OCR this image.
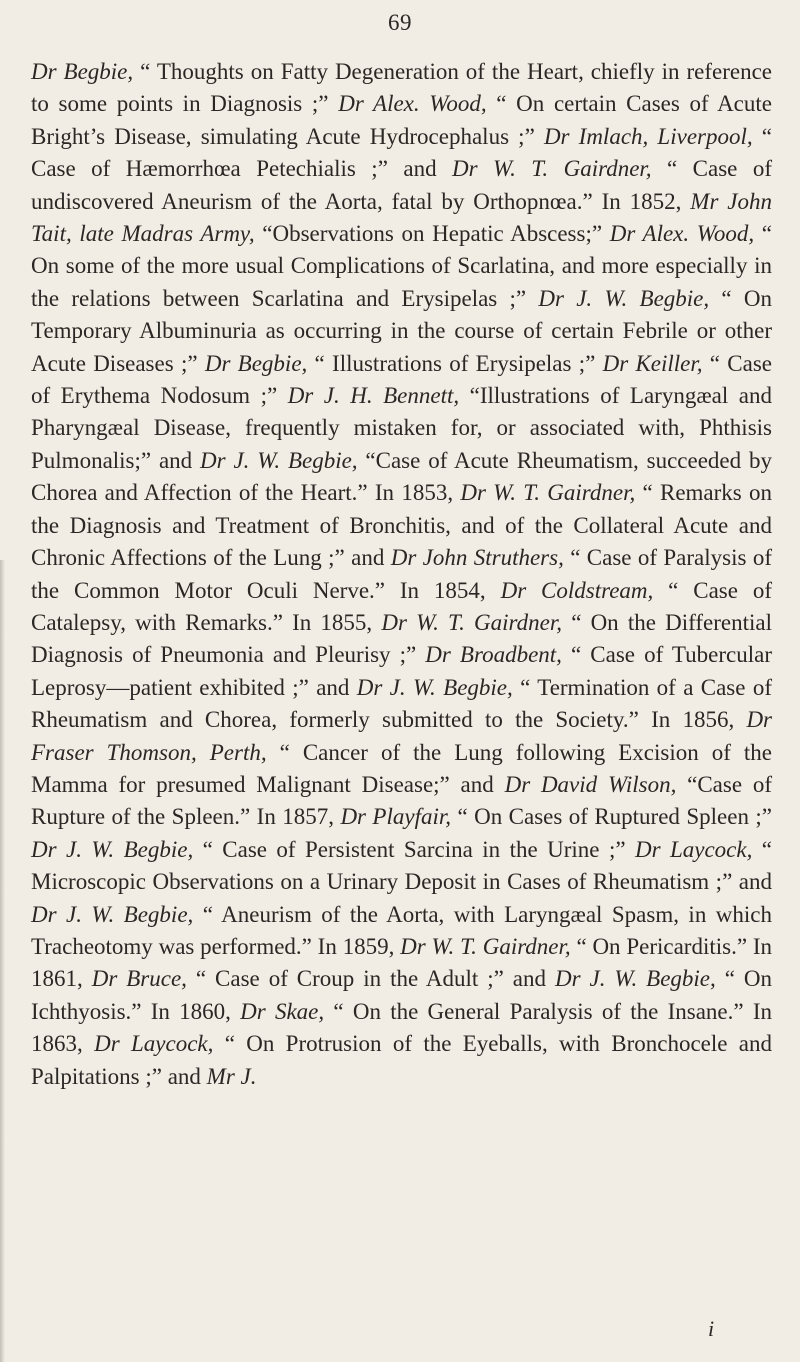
69

Dr Begbie, “ Thoughts on Fatty Degeneration of the Heart, chiefly in reference to some points in Diagnosis ;” Dr Alex. Wood, “ On certain Cases of Acute Bright’s Disease, simulating Acute Hydrocephalus ;” Dr Imlach, Liverpool, “ Case of Hæmorrhœa Petechialis ;” and Dr W. T. Gairdner, “ Case of undiscovered Aneurism of the Aorta, fatal by Orthopnœa.” In 1852, Mr John Tait, late Madras Army, “Observations on Hepatic Abscess;” Dr Alex. Wood, “ On some of the more usual Complications of Scarlatina, and more especially in the relations between Scarlatina and Erysipelas ;” Dr J. W. Begbie, “ On Temporary Albuminuria as occurring in the course of certain Febrile or other Acute Diseases ;” Dr Begbie, “ Illustrations of Erysipelas ;” Dr Keiller, “ Case of Erythema Nodosum ;” Dr J. H. Bennett, “Illustrations of Laryngæal and Pharyngæal Disease, frequently mistaken for, or associated with, Phthisis Pulmonalis;” and Dr J. W. Begbie, “Case of Acute Rheumatism, succeeded by Chorea and Affection of the Heart.” In 1853, Dr W. T. Gairdner, “ Remarks on the Diagnosis and Treatment of Bronchitis, and of the Collateral Acute and Chronic Affections of the Lung ;” and Dr John Struthers, “ Case of Paralysis of the Common Motor Oculi Nerve.” In 1854, Dr Coldstream, “ Case of Catalepsy, with Remarks.” In 1855, Dr W. T. Gairdner, “ On the Differential Diagnosis of Pneumonia and Pleurisy ;” Dr Broadbent, “ Case of Tubercular Leprosy—patient exhibited ;” and Dr J. W. Begbie, “ Termination of a Case of Rheumatism and Chorea, formerly submitted to the Society.” In 1856, Dr Fraser Thomson, Perth, “ Cancer of the Lung following Excision of the Mamma for presumed Malignant Disease;” and Dr David Wilson, “Case of Rupture of the Spleen.” In 1857, Dr Playfair, “ On Cases of Ruptured Spleen ;” Dr J. W. Begbie, “ Case of Persistent Sarcina in the Urine ;” Dr Laycock, “ Microscopic Observations on a Urinary Deposit in Cases of Rheumatism ;” and Dr J. W. Begbie, “ Aneurism of the Aorta, with Laryngæal Spasm, in which Tracheotomy was performed.” In 1859, Dr W. T. Gairdner, “ On Pericarditis.” In 1861, Dr Bruce, “ Case of Croup in the Adult ;” and Dr J. W. Begbie, “ On Ichthyosis.” In 1860, Dr Skae, “ On the General Paralysis of the Insane.” In 1863, Dr Laycock, “ On Protrusion of the Eyeballs, with Bronchocele and Palpitations ;” and Mr J.

i
